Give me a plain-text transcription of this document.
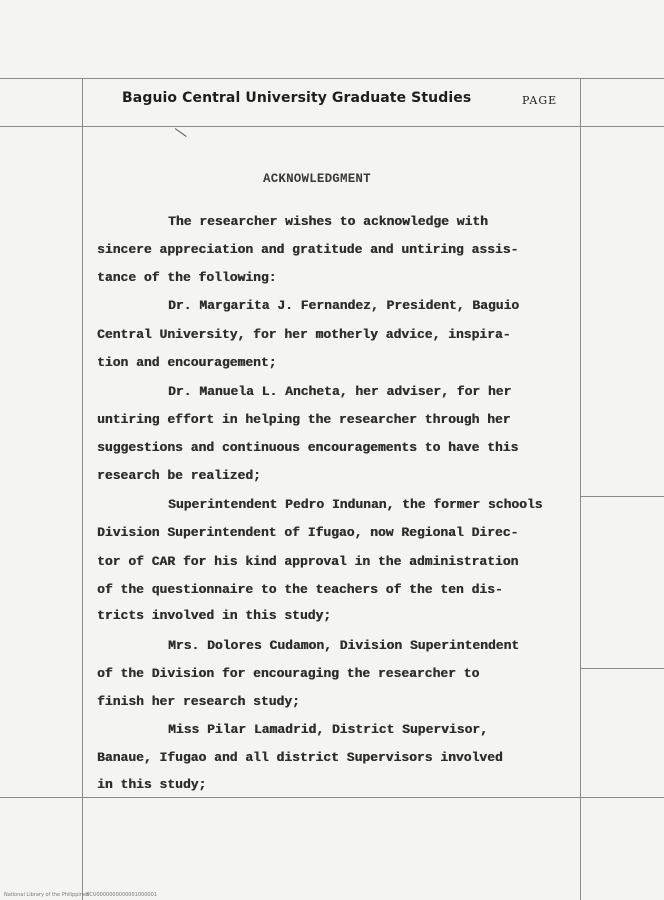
Baguio Central University Graduate Studies	PAGE
ACKNOWLEDGMENT
The researcher wishes to acknowledge with
sincere appreciation and gratitude and untiring assis-
tance of the following:
Dr. Margarita J. Fernandez, President, Baguio
Central University, for her motherly advice, inspira-
tion and encouragement;
Dr. Manuela L. Ancheta, her adviser, for her
untiring effort in helping the researcher through her
suggestions and continuous encouragements to have this
research be realized;
Superintendent Pedro Indunan, the former schools
Division Superintendent of Ifugao, now Regional Direc-
tor of CAR for his kind approval in the administration
of the questionnaire to the teachers of the ten dis-
tricts involved in this study;
Mrs. Dolores Cudamon, Division Superintendent
of the Division for encouraging the researcher to
finish her research study;
Miss Pilar Lamadrid, District Supervisor,
Banaue, Ifugao and all district Supervisors involved
in this study;
National Library of the Philippines
BCU0000000000001000001
